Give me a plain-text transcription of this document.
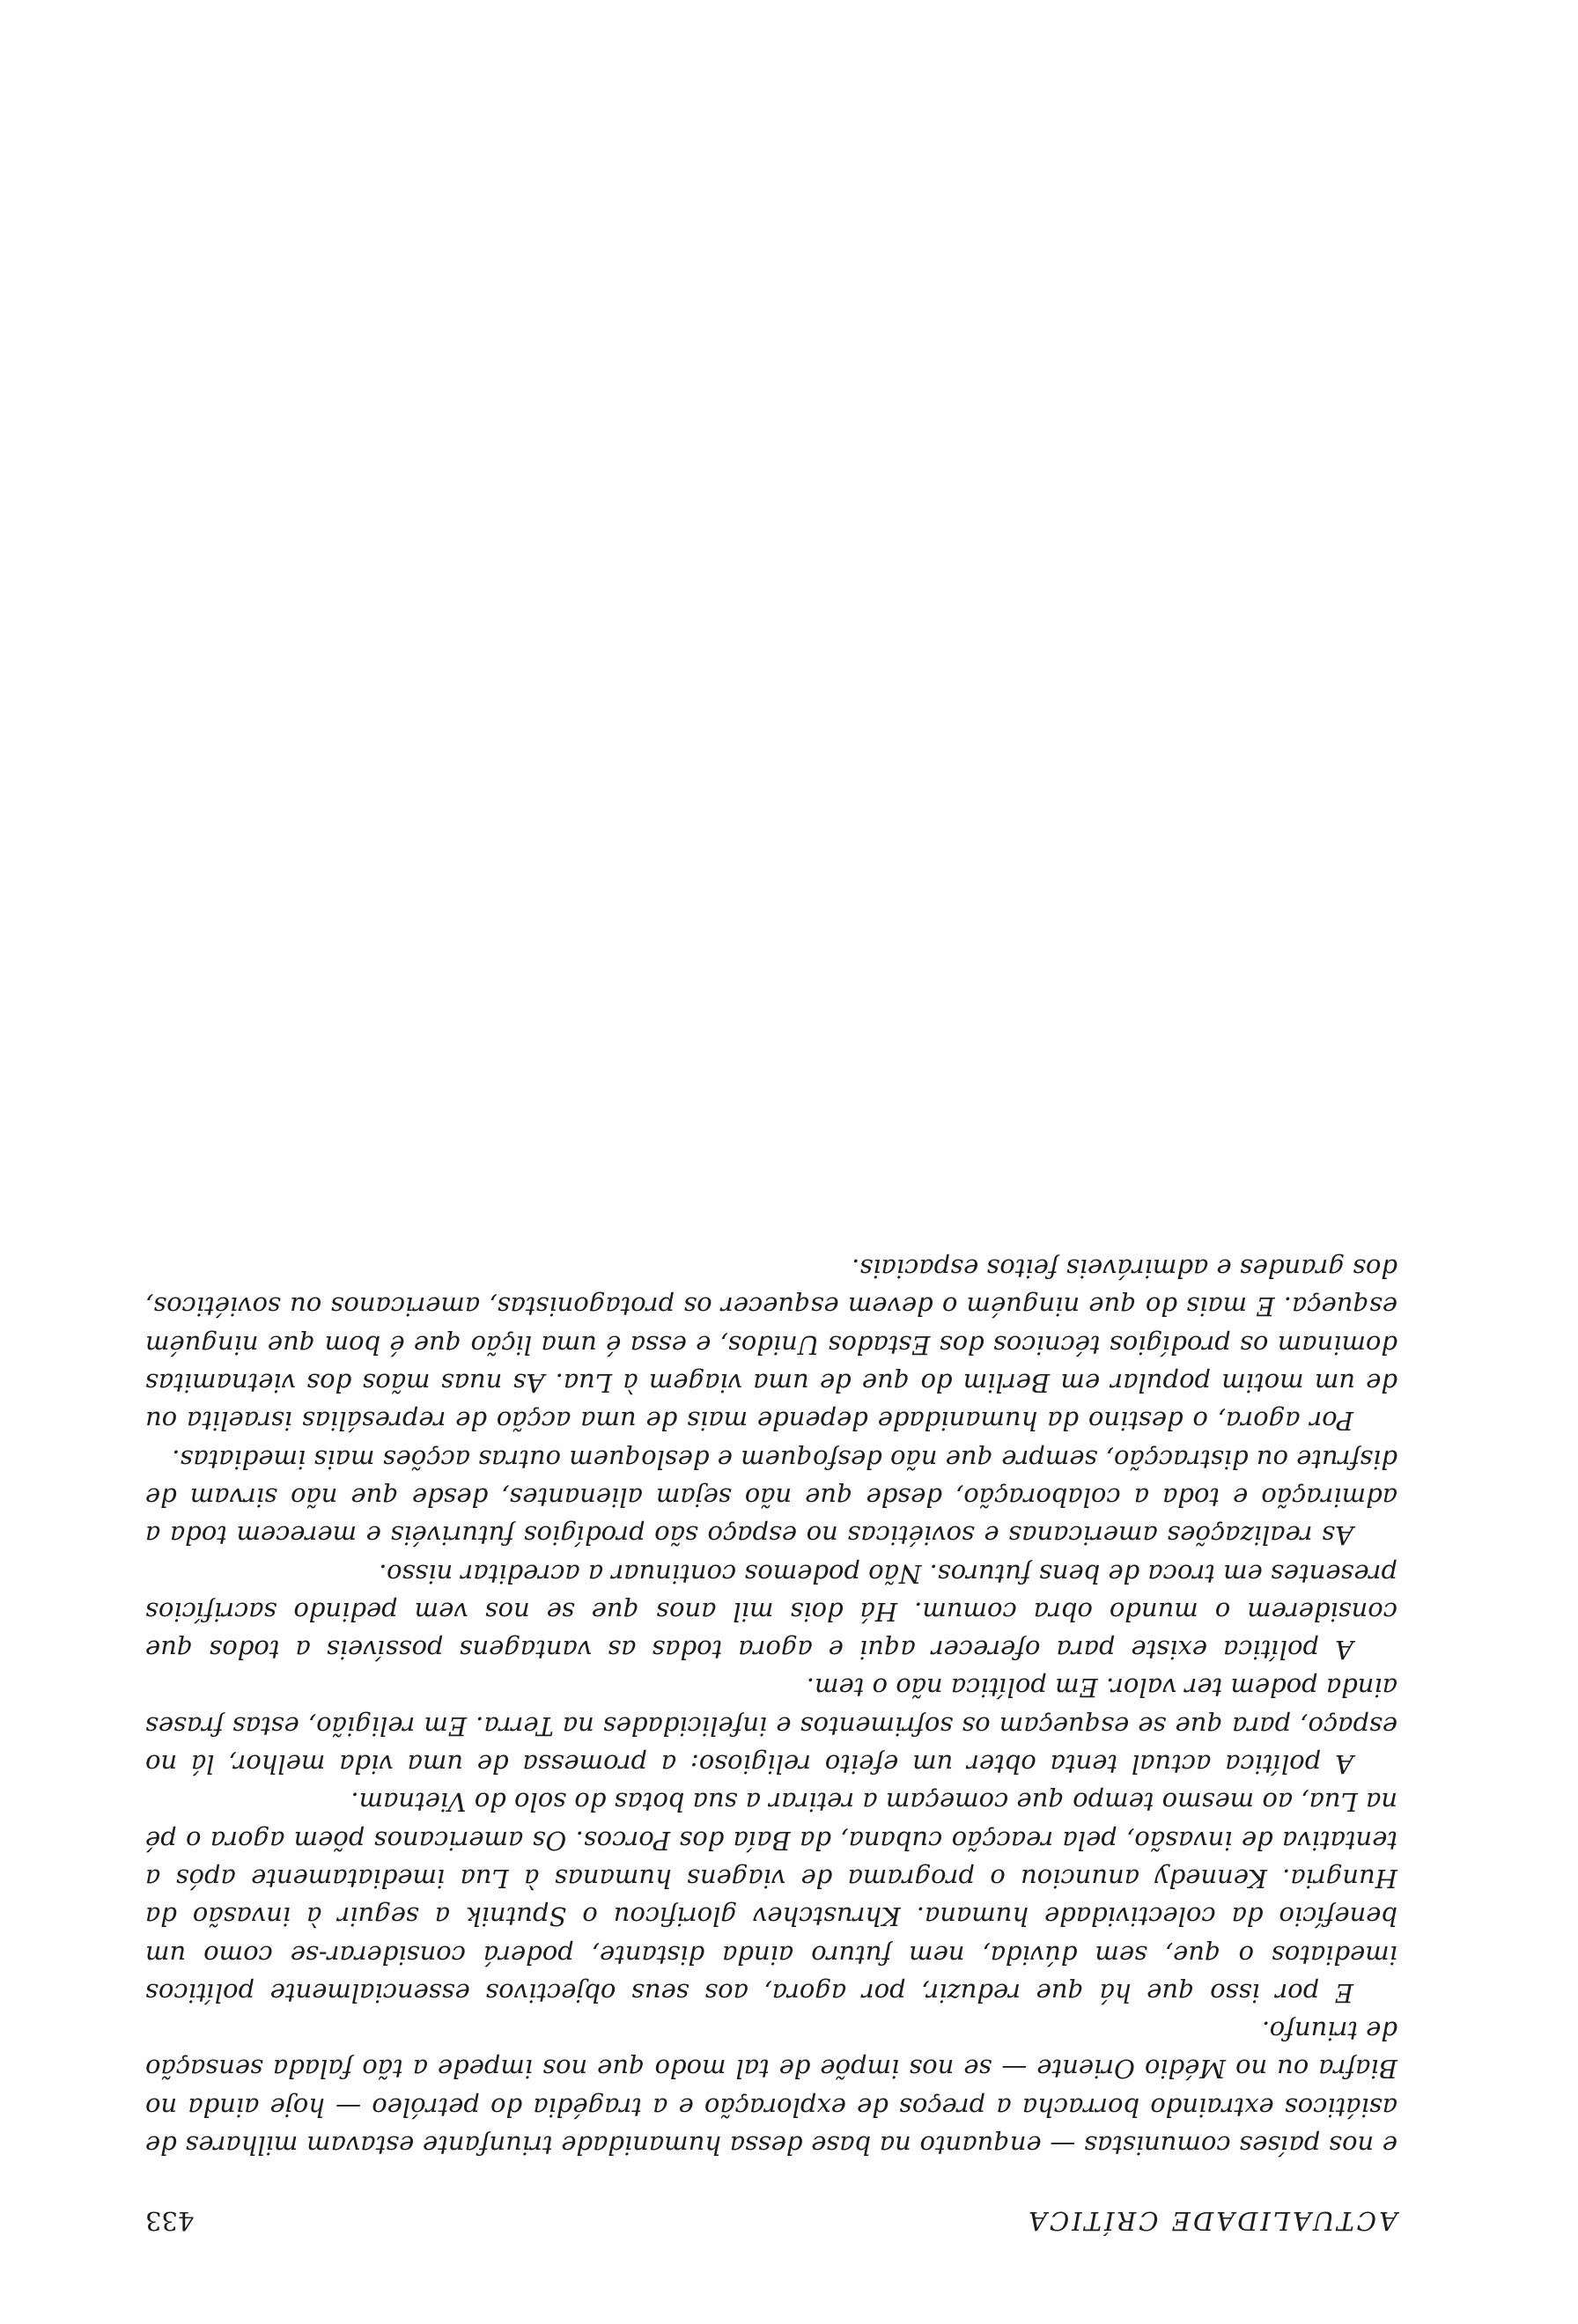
ACTUALIDADE CRÍTICA
433

e nos países comunistas — enquanto na base dessa humanidade triunfante estavam milhares de asiáticos extraindo borracha a preços de exploração e a tragédia do petróleo — hoje ainda no Biafra ou no Médio Oriente — se nos impõe de tal modo que nos impede a tão falada sensação de triunfo.

E por isso que há que reduzir, por agora, aos seus objectivos essencialmente políticos imediatos o que, sem dúvida, nem futuro ainda distante, poderá considerar-se como um benefício da colectividade humana. Khrustchev glorificou o Sputnik a seguir à invasão da Hungria. Kennedy anunciou o programa de viagens humanas à Lua imediatamente após a tentativa de invasão, pela reacção cubana, da Baía dos Porcos. Os americanos põem agora o pé na Lua, ao mesmo tempo que começam a retirar a sua botas do solo do Vietnam.

A política actual tenta obter um efeito religioso: a promessa de uma vida melhor, lá no espaço, para que se esqueçam os sofrimentos e infelicidades na Terra. Em religião, estas frases ainda podem ter valor. Em política não o tem.

A política existe para oferecer aqui e agora todas as vantagens possíveis a todos que considerem o mundo obra comum. Há dois mil anos que se nos vem pedindo sacrifícios presentes em troca de bens futuros. Não podemos continuar a acreditar nisso.

As realizações americanas e soviéticas no espaço são prodígios futurivéis e merecem toda a admiração e toda a colaboração, desde que não sejam alienantes, desde que não sirvam de disfrute ou distracção, sempre que não desfoquem e desloquem outras acções mais imediatas.

Por agora, o destino da humanidade depende mais de uma acção de represálias israelita ou de um motim popular em Berlim do que de uma viagem à Lua. As nuas mãos dos vietnamitas dominam os prodígios técnicos dos Estados Unidos, e essa é uma lição que é bom que ninguém esqueça. E mais do que ninguém o devem esquecer os protagonistas, americanos ou soviéticos, dos grandes e admiráveis feitos espaciais.
